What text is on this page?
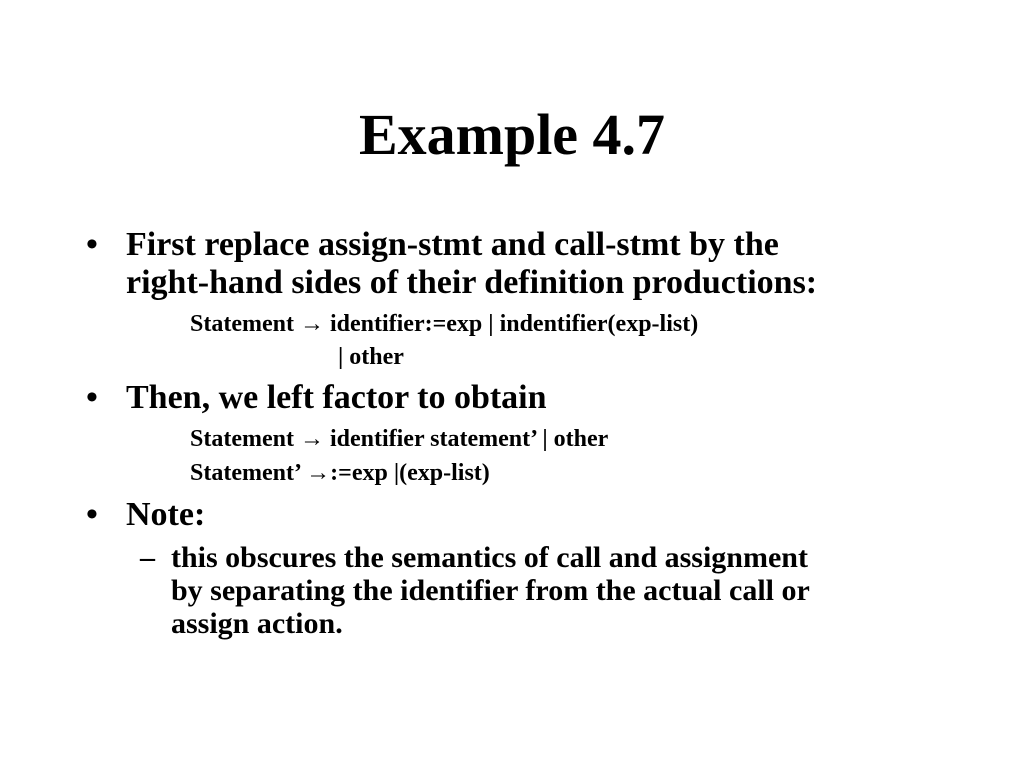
Example 4.7
• First replace assign-stmt and call-stmt by the
right-hand sides of their definition productions:
Statement → identifier:=exp | indentifier(exp-list)
| other
• Then, we left factor to obtain
Statement → identifier statement’ | other
Statement’ →:=exp |(exp-list)
• Note:
– this obscures the semantics of call and assignment
by separating the identifier from the actual call or
assign action.
